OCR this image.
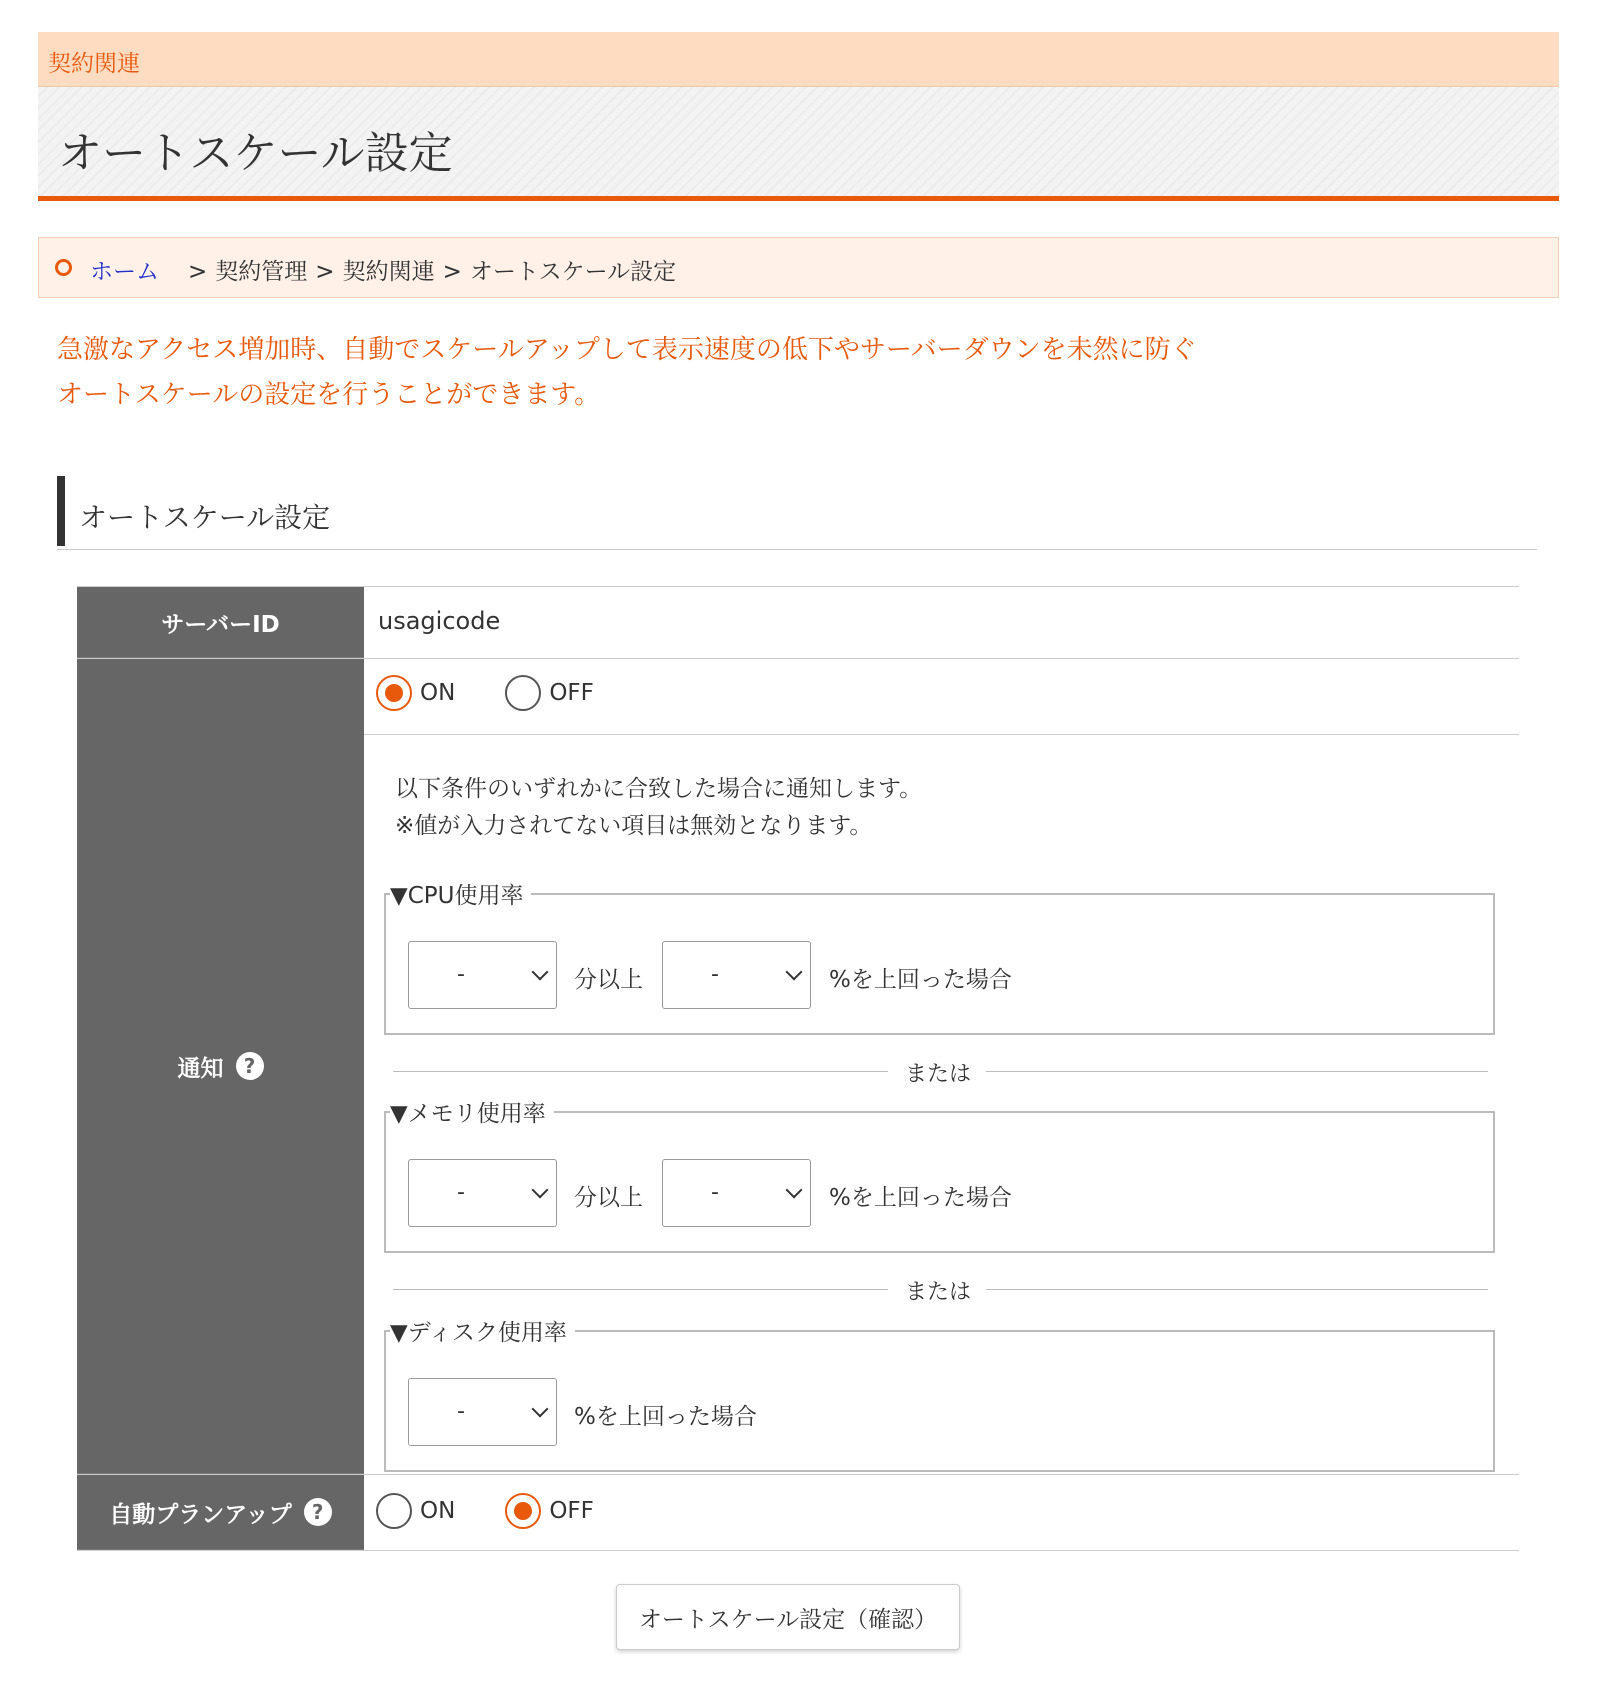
契約関連
オートスケール設定
ホーム > 契約管理 > 契約関連 > オートスケール設定
急激なアクセス増加時、自動でスケールアップして表示速度の低下やサーバーダウンを未然に防ぐ
オートスケールの設定を行うことができます。
オートスケール設定
サーバーID	usagicode
通知	?
ON	OFF
以下条件のいずれかに合致した場合に通知します。
※値が入力されてない項目は無効となります。
▼CPU使用率
-	分以上	-	%を上回った場合
または
▼メモリ使用率
-	分以上	-	%を上回った場合
または
▼ディスク使用率
-	%を上回った場合
自動プランアップ	?	ON	OFF
オートスケール設定（確認）
